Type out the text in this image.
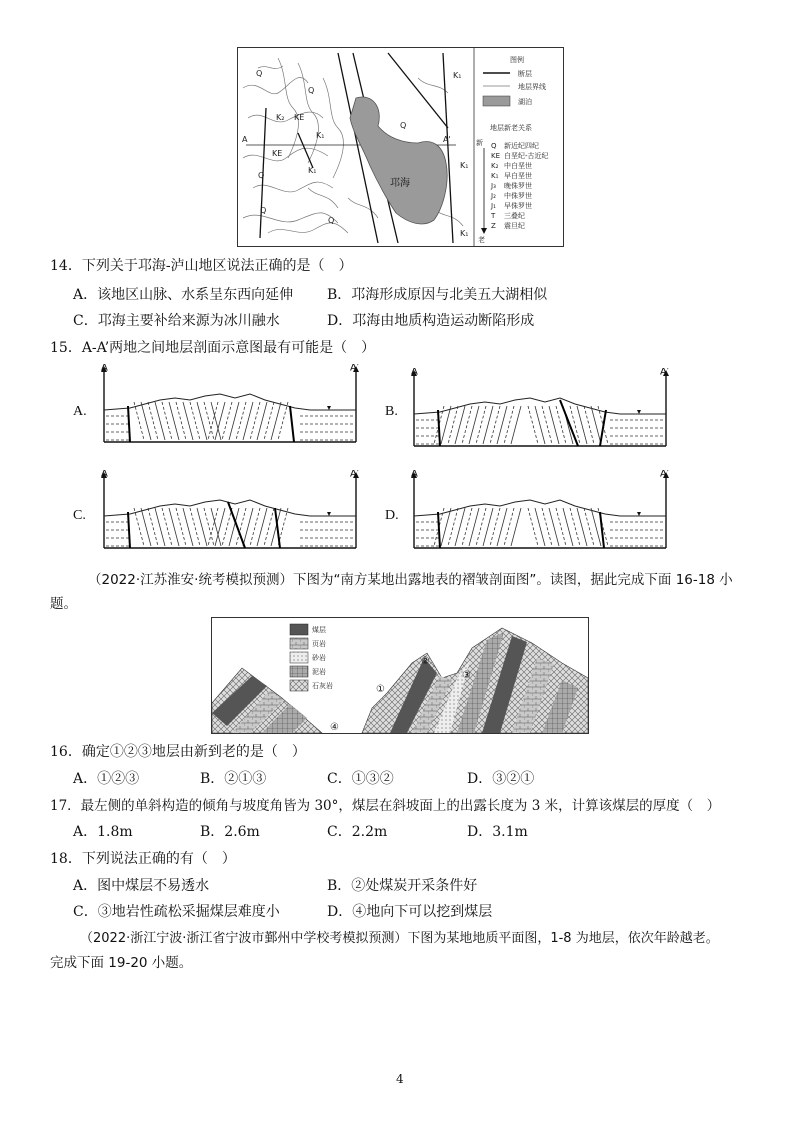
A	A'
邛海
Q
Q
Q
K₂
K₁
KE
KE
K₁
Q
Q
K₁
K₁
Q
K₁
图例
断层
地层界线
湖泊
地层新老关系
新
老
Q 新近纪四纪
KE 白垩纪-古近纪
K₂ 中白垩世
K₁ 早白垩世
J₃ 晚侏罗世
J₂ 中侏罗世
J₁ 早侏罗世
T 三叠纪
Z 震旦纪
14．下列关于邛海-泸山地区说法正确的是（　）
A．该地区山脉、水系呈东西向延伸 B．邛海形成原因与北美五大湖相似
C．邛海主要补给来源为冰川融水	D．邛海由地质构造运动断陷形成
15．A-A’两地之间地层剖面示意图最有可能是（　）
A.	B.
C.	D.
A	A′	A	A′
A	A′	A	A′
（2022·江苏淮安·统考模拟预测）下图为“南方某地出露地表的褶皱剖面图”。读图，据此完成下面 16-18 小
题。
煤层
页岩
砂岩
泥岩
石灰岩	①
②
③
④
16．确定①②③地层由新到老的是（　）
A．①②③	B．②①③	C．①③②	D．③②①
17．最左侧的单斜构造的倾角与坡度角皆为 30°，煤层在斜坡面上的出露长度为 3 米，计算该煤层的厚度（　）
A．1.8m	B．2.6m	C．2.2m	D．3.1m
18．下列说法正确的有（　）
A．图中煤层不易透水	B．②处煤炭开采条件好
C．③地岩性疏松采掘煤层难度小	D．④地向下可以挖到煤层
（2022·浙江宁波·浙江省宁波市鄞州中学校考模拟预测）下图为某地地质平面图，1-8 为地层，依次年龄越老。
完成下面 19-20 小题。
4
